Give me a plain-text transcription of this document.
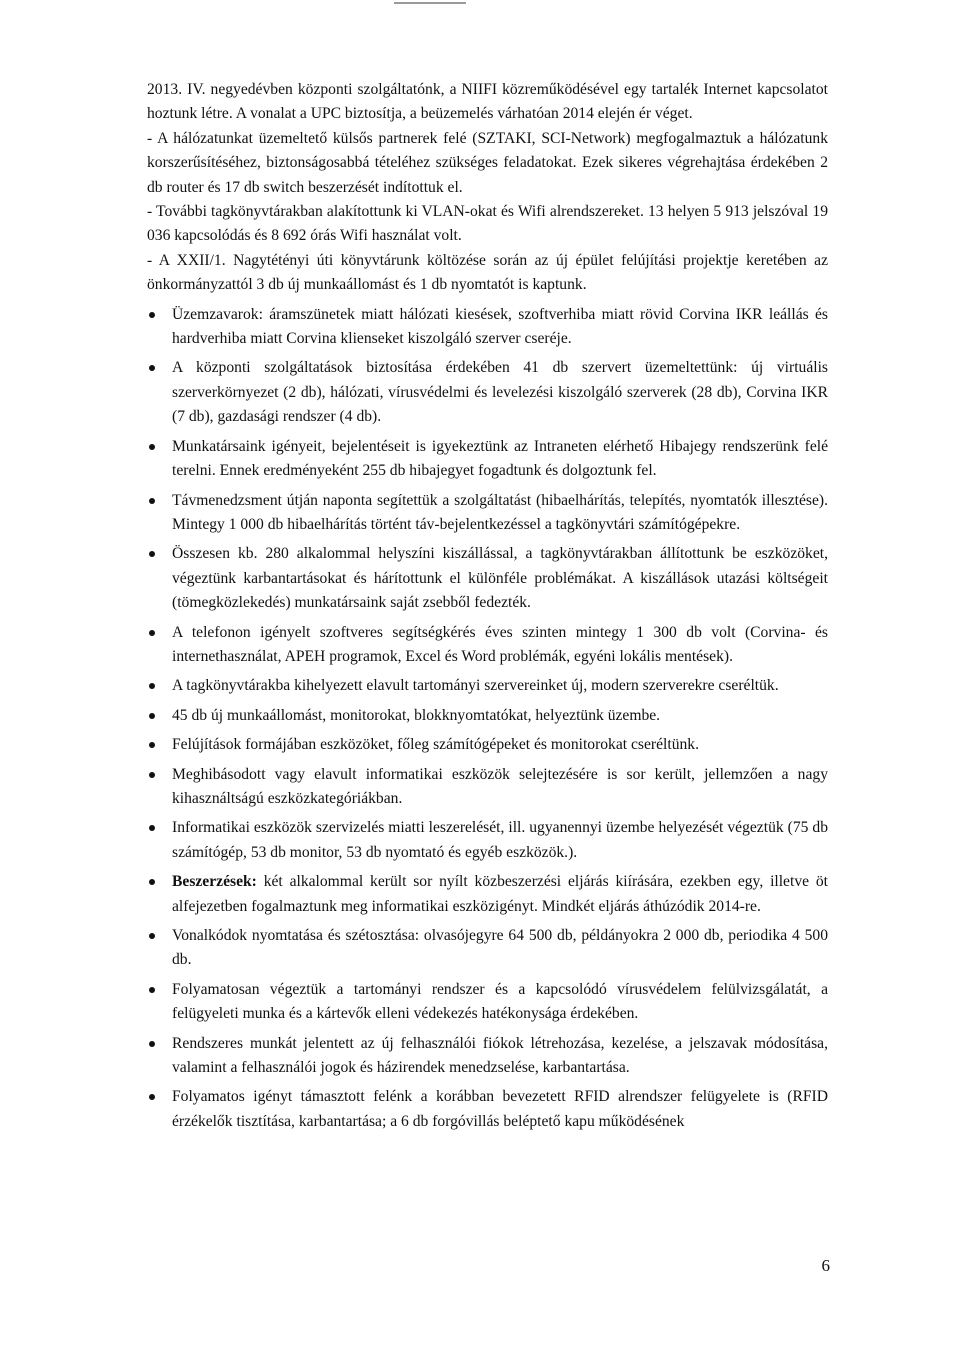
2013. IV. negyedévben központi szolgáltatónk, a NIIFI közreműködésével egy tartalék Internet kapcsolatot hoztunk létre. A vonalat a UPC biztosítja, a beüzemelés várhatóan 2014 elején ér véget.

- A hálózatunkat üzemeltető külsős partnerek felé (SZTAKI, SCI-Network) megfogalmaztuk a hálózatunk korszerűsítéséhez, biztonságosabbá tételéhez szükséges feladatokat. Ezek sikeres végrehajtása érdekében 2 db router és 17 db switch beszerzését indítottuk el.

- További tagkönyvtárakban alakítottunk ki VLAN-okat és Wifi alrendszereket. 13 helyen 5 913 jelszóval 19 036 kapcsolódás és 8 692 órás Wifi használat volt.

- A XXII/1. Nagytétényi úti könyvtárunk költözése során az új épület felújítási projektje keretében az önkormányzattól 3 db új munkaállomást és 1 db nyomtatót is kaptunk.

Üzemzavarok: áramszünetek miatt hálózati kiesések, szoftverhiba miatt rövid Corvina IKR leállás és hardverhiba miatt Corvina klienseket kiszolgáló szerver cseréje.
A központi szolgáltatások biztosítása érdekében 41 db szervert üzemeltettünk: új virtuális szerverkörnyezet (2 db), hálózati, vírusvédelmi és levelezési kiszolgáló szerverek (28 db), Corvina IKR (7 db), gazdasági rendszer (4 db).
Munkatársaink igényeit, bejelentéseit is igyekeztünk az Intraneten elérhető Hibajegy rendszerünk felé terelni. Ennek eredményeként 255 db hibajegyet fogadtunk és dolgoztunk fel.
Távmenedzsment útján naponta segítettük a szolgáltatást (hibaelhárítás, telepítés, nyomtatók illesztése). Mintegy 1 000 db hibaelhárítás történt táv-bejelentkezéssel a tagkönyvtári számítógépekre.
Összesen kb. 280 alkalommal helyszíni kiszállással, a tagkönyvtárakban állítottunk be eszközöket, végeztünk karbantartásokat és hárítottunk el különféle problémákat. A kiszállások utazási költségeit (tömegközlekedés) munkatársaink saját zsebből fedezték.
A telefonon igényelt szoftveres segítségkérés éves szinten mintegy 1 300 db volt (Corvina- és internethasználat, APEH programok, Excel és Word problémák, egyéni lokális mentések).
A tagkönyvtárakba kihelyezett elavult tartományi szervereinket új, modern szerverekre cseréltük.
45 db új munkaállomást, monitorokat, blokknyomtatókat, helyeztünk üzembe.
Felújítások formájában eszközöket, főleg számítógépeket és monitorokat cseréltünk.
Meghibásodott vagy elavult informatikai eszközök selejtezésére is sor került, jellemzően a nagy kihasználtságú eszközkategóriákban.
Informatikai eszközök szervizelés miatti leszerelését, ill. ugyanennyi üzembe helyezését végeztük (75 db számítógép, 53 db monitor, 53 db nyomtató és egyéb eszközök.).
Beszerzések: két alkalommal került sor nyílt közbeszerzési eljárás kiírására, ezekben egy, illetve öt alfejezetben fogalmaztunk meg informatikai eszközigényt. Mindkét eljárás áthúzódik 2014-re.
Vonalkódok nyomtatása és szétosztása: olvasójegyre 64 500 db, példányokra 2 000 db, periodika 4 500 db.
Folyamatosan végeztük a tartományi rendszer és a kapcsolódó vírusvédelem felülvizsgálatát, a felügyeleti munka és a kártevők elleni védekezés hatékonysága érdekében.
Rendszeres munkát jelentett az új felhasználói fiókok létrehozása, kezelése, a jelszavak módosítása, valamint a felhasználói jogok és házirendek menedzselése, karbantartása.
Folyamatos igényt támasztott felénk a korábban bevezetett RFID alrendszer felügyelete is (RFID érzékelők tisztítása, karbantartása; a 6 db forgóvillás beléptető kapu működésének
6
